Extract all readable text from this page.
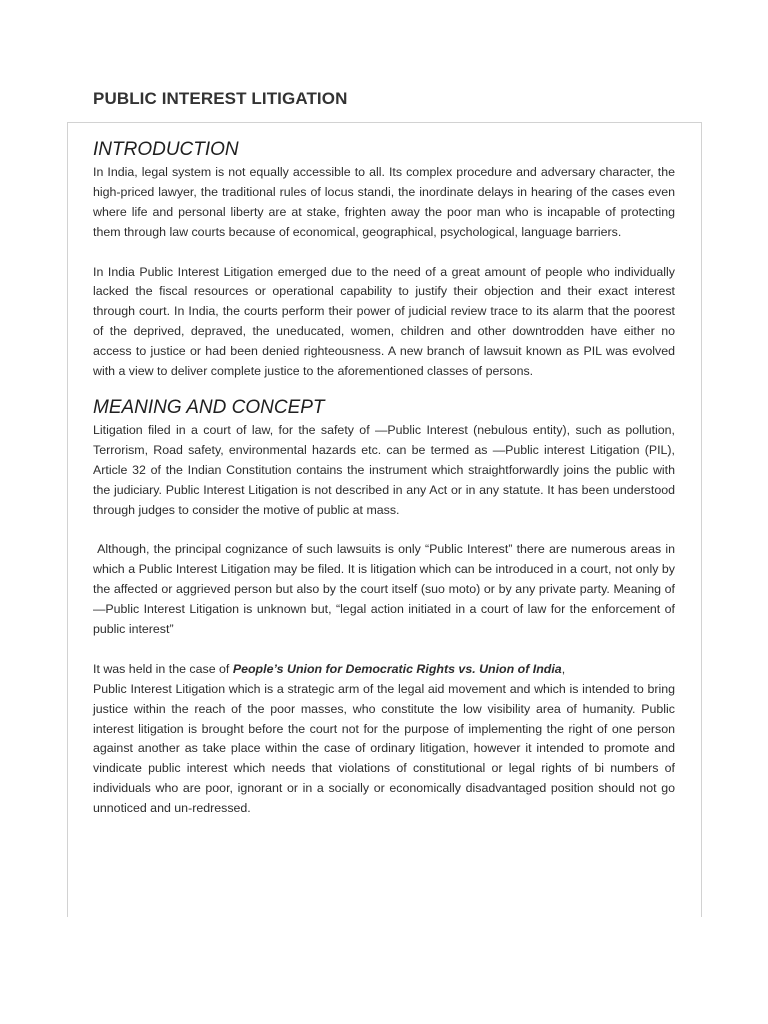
PUBLIC INTEREST LITIGATION
INTRODUCTION

In India, legal system is not equally accessible to all. Its complex procedure and adversary character, the high-priced lawyer, the traditional rules of locus standi, the inordinate delays in hearing of the cases even where life and personal liberty are at stake, frighten away the poor man who is incapable of protecting them through law courts because of economical, geographical, psychological, language barriers.

In India Public Interest Litigation emerged due to the need of a great amount of people who individually lacked the fiscal resources or operational capability to justify their objection and their exact interest through court. In India, the courts perform their power of judicial review trace to its alarm that the poorest of the deprived, depraved, the uneducated, women, children and other downtrodden have either no access to justice or had been denied righteousness. A new branch of lawsuit known as PIL was evolved with a view to deliver complete justice to the aforementioned classes of persons.

MEANING AND CONCEPT

Litigation filed in a court of law, for the safety of —Public Interest (nebulous entity), such as pollution, Terrorism, Road safety, environmental hazards etc. can be termed as —Public interest Litigation (PIL), Article 32 of the Indian Constitution contains the instrument which straightforwardly joins the public with the judiciary. Public Interest Litigation is not described in any Act or in any statute. It has been understood through judges to consider the motive of public at mass.

Although, the principal cognizance of such lawsuits is only “Public Interest” there are numerous areas in which a Public Interest Litigation may be filed. It is litigation which can be introduced in a court, not only by the affected or aggrieved person but also by the court itself (suo moto) or by any private party. Meaning of —Public Interest Litigation is unknown but, “legal action initiated in a court of law for the enforcement of public interest”

It was held in the case of People’s Union for Democratic Rights vs. Union of India,

Public Interest Litigation which is a strategic arm of the legal aid movement and which is intended to bring justice within the reach of the poor masses, who constitute the low visibility area of humanity. Public interest litigation is brought before the court not for the purpose of implementing the right of one person against another as take place within the case of ordinary litigation, however it intended to promote and vindicate public interest which needs that violations of constitutional or legal rights of bi numbers of individuals who are poor, ignorant or in a socially or economically disadvantaged position should not go unnoticed and un-redressed.
